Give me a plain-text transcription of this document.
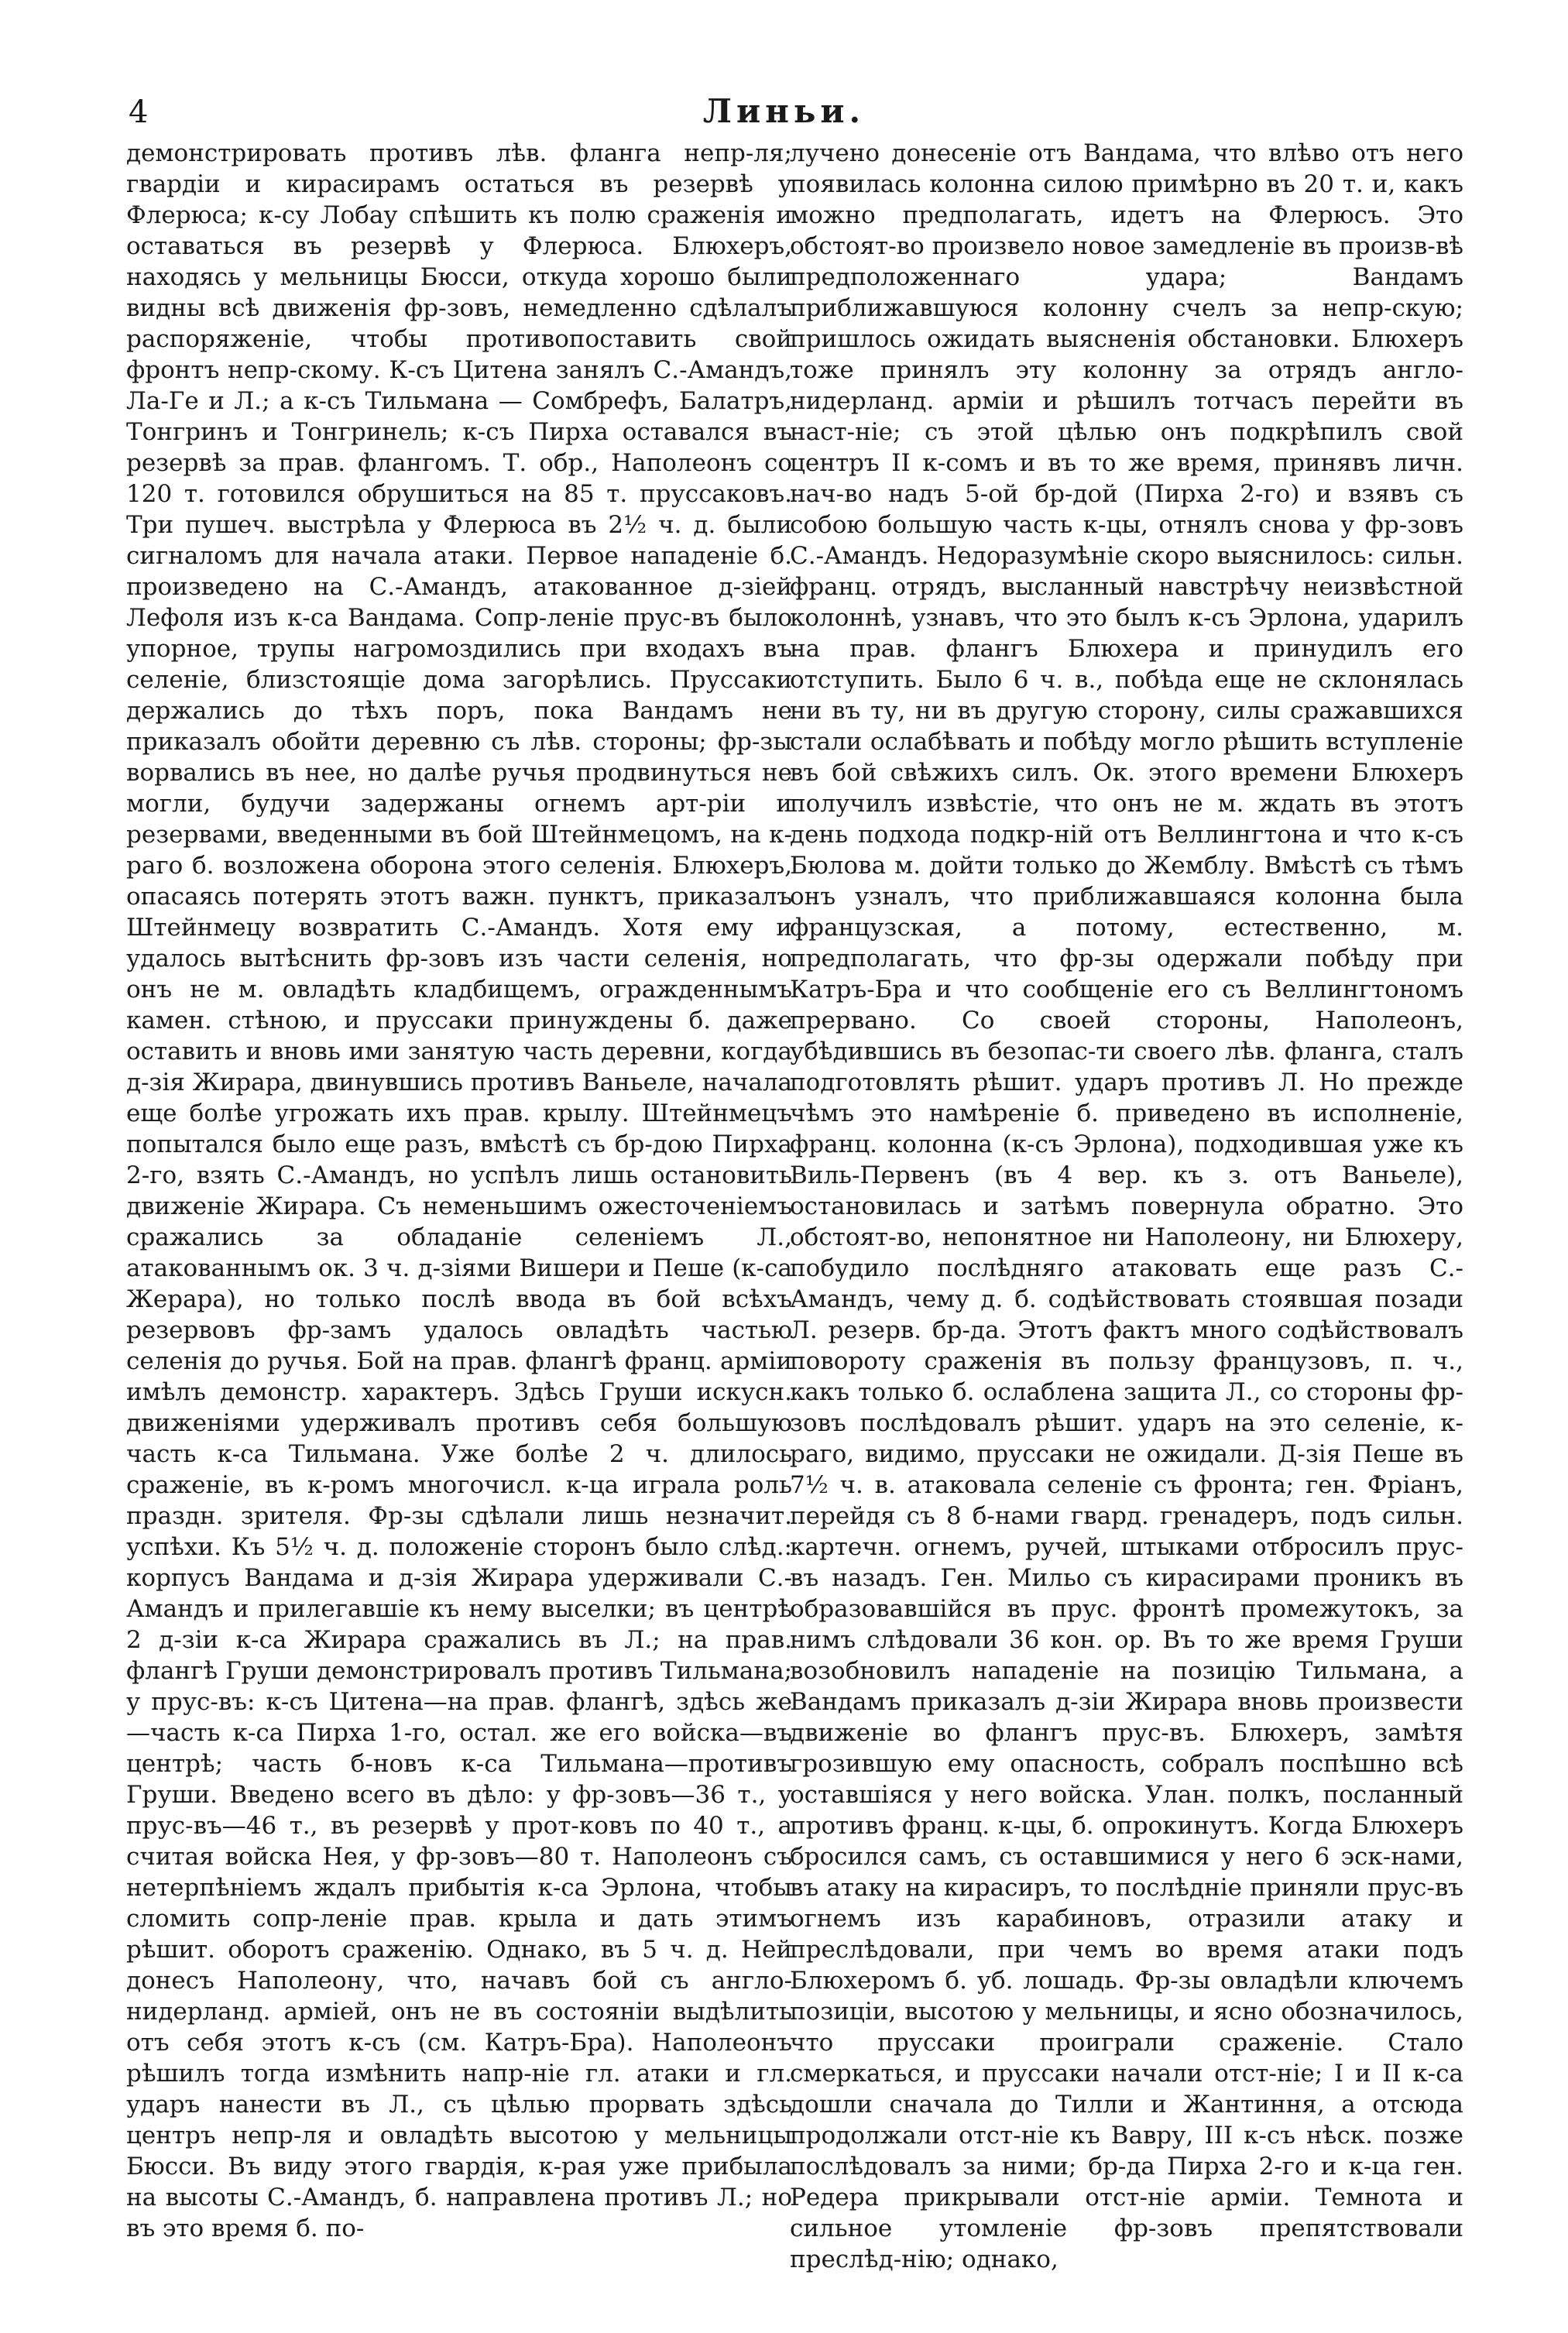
4	Линьи.

демонстрировать противъ лѣв. фланга непр-ля; гвардіи и кирасирамъ остаться въ резервѣ у Флерюса; к-су Лобау спѣшить къ полю сраженія и оставаться въ резервѣ у Флерюса. Блюхеръ, находясь у мельницы Бюсси, откуда хорошо были видны всѣ движенія фр-зовъ, немедленно сдѣлалъ распоряженіе, чтобы противопоставить свой фронтъ непр-скому. К-съ Цитена занялъ С.-Амандъ, Ла-Ге и Л.; а к-съ Тильмана — Сомбрефъ, Балатръ, Тонгринъ и Тонгринель; к-съ Пирха оставался въ резервѣ за прав. флангомъ. Т. обр., Наполеонъ со 120 т. готовился обрушиться на 85 т. пруссаковъ. Три пушеч. выстрѣла у Флерюса въ 2½ ч. д. были сигналомъ для начала атаки. Первое нападеніе б. произведено на С.-Амандъ, атакованное д-зіей Лефоля изъ к-са Вандама. Сопр-леніе прус-въ было упорное, трупы нагромоздились при входахъ въ селеніе, близстоящіе дома загорѣлись. Пруссаки держались до тѣхъ поръ, пока Вандамъ не приказалъ обойти деревню съ лѣв. стороны; фр-зы ворвались въ нее, но далѣе ручья продвинуться не могли, будучи задержаны огнемъ арт-ріи и резервами, введенными въ бой Штейнмецомъ, на к-раго б. возложена оборона этого селенія. Блюхеръ, опасаясь потерять этотъ важн. пунктъ, приказалъ Штейнмецу возвратить С.-Амандъ. Хотя ему и удалось вытѣснить фр-зовъ изъ части селенія, но онъ не м. овладѣть кладбищемъ, огражденнымъ камен. стѣною, и пруссаки принуждены б. даже оставить и вновь ими занятую часть деревни, когда д-зія Жирара, двинувшись противъ Ваньеле, начала еще болѣе угрожать ихъ прав. крылу. Штейнмецъ попытался было еще разъ, вмѣстѣ съ бр-дою Пирха 2-го, взять С.-Амандъ, но успѣлъ лишь остановить движеніе Жирара. Съ неменьшимъ ожесточеніемъ сражались за обладаніе селеніемъ Л., атакованнымъ ок. 3 ч. д-зіями Вишери и Пеше (к-са Жерара), но только послѣ ввода въ бой всѣхъ резервовъ фр-замъ удалось овладѣть частью селенія до ручья. Бой на прав. флангѣ франц. арміи имѣлъ демонстр. характеръ. Здѣсь Груши искусн. движеніями удерживалъ противъ себя большую часть к-са Тильмана. Уже болѣе 2 ч. длилось сраженіе, въ к-ромъ многочисл. к-ца играла роль праздн. зрителя. Фр-зы сдѣлали лишь незначит. успѣхи. Къ 5½ ч. д. положеніе сторонъ было слѣд.: корпусъ Вандама и д-зія Жирара удерживали С.-Амандъ и прилегавшіе къ нему выселки; въ центрѣ 2 д-зіи к-са Жирара сражались въ Л.; на прав. флангѣ Груши демонстрировалъ противъ Тильмана; у прус-въ: к-съ Цитена—на прав. флангѣ, здѣсь же—часть к-са Пирха 1-го, остал. же его войска—въ центрѣ; часть б-новъ к-са Тильмана—противъ Груши. Введено всего въ дѣло: у фр-зовъ—36 т., у прус-въ—46 т., въ резервѣ у прот-ковъ по 40 т., а считая войска Нея, у фр-зовъ—80 т. Наполеонъ съ нетерпѣніемъ ждалъ прибытія к-са Эрлона, чтобы сломить сопр-леніе прав. крыла и дать этимъ рѣшит. оборотъ сраженію. Однако, въ 5 ч. д. Ней донесъ Наполеону, что, начавъ бой съ англо-нидерланд. арміей, онъ не въ состояніи выдѣлить отъ себя этотъ к-съ (см. Катръ-Бра). Наполеонъ рѣшилъ тогда измѣнить напр-ніе гл. атаки и гл. ударъ нанести въ Л., съ цѣлью прорвать здѣсь центръ непр-ля и овладѣть высотою у мельницы Бюсси. Въ виду этого гвардія, к-рая уже прибыла на высоты С.-Амандъ, б. направлена противъ Л.; но въ это время б. по-

лучено донесеніе отъ Вандама, что влѣво отъ него появилась колонна силою примѣрно въ 20 т. и, какъ можно предполагать, идетъ на Флерюсъ. Это обстоят-во произвело новое замедленіе въ произв-вѣ предположеннаго удара; Вандамъ приближавшуюся колонну счелъ за непр-скую; пришлось ожидать выясненія обстановки. Блюхеръ тоже принялъ эту колонну за отрядъ англо-нидерланд. арміи и рѣшилъ тотчасъ перейти въ наст-ніе; съ этой цѣлью онъ подкрѣпилъ свой центръ II к-сомъ и въ то же время, принявъ личн. нач-во надъ 5-ой бр-дой (Пирха 2-го) и взявъ съ собою большую часть к-цы, отнялъ снова у фр-зовъ С.-Амандъ. Недоразумѣніе скоро выяснилось: сильн. франц. отрядъ, высланный навстрѣчу неизвѣстной колоннѣ, узнавъ, что это былъ к-съ Эрлона, ударилъ на прав. флангъ Блюхера и принудилъ его отступить. Было 6 ч. в., побѣда еще не склонялась ни въ ту, ни въ другую сторону, силы сражавшихся стали ослабѣвать и побѣду могло рѣшить вступленіе въ бой свѣжихъ силъ. Ок. этого времени Блюхеръ получилъ извѣстіе, что онъ не м. ждать въ этотъ день подхода подкр-ній отъ Веллингтона и что к-съ Бюлова м. дойти только до Жемблу. Вмѣстѣ съ тѣмъ онъ узналъ, что приближавшаяся колонна была французская, а потому, естественно, м. предполагать, что фр-зы одержали побѣду при Катръ-Бра и что сообщеніе его съ Веллингтономъ прервано. Со своей стороны, Наполеонъ, убѣдившись въ безопас-ти своего лѣв. фланга, сталъ подготовлять рѣшит. ударъ противъ Л. Но прежде чѣмъ это намѣреніе б. приведено въ исполненіе, франц. колонна (к-съ Эрлона), подходившая уже къ Виль-Первенъ (въ 4 вер. къ з. отъ Ваньеле), остановилась и затѣмъ повернула обратно. Это обстоят-во, непонятное ни Наполеону, ни Блюхеру, побудило послѣдняго атаковать еще разъ С.-Амандъ, чему д. б. содѣйствовать стоявшая позади Л. резерв. бр-да. Этотъ фактъ много содѣйствовалъ повороту сраженія въ пользу французовъ, п. ч., какъ только б. ослаблена защита Л., со стороны фр-зовъ послѣдовалъ рѣшит. ударъ на это селеніе, к-раго, видимо, пруссаки не ожидали. Д-зія Пеше въ 7½ ч. в. атаковала селеніе съ фронта; ген. Фріанъ, перейдя съ 8 б-нами гвард. гренадеръ, подъ сильн. картечн. огнемъ, ручей, штыками отбросилъ прус-въ назадъ. Ген. Мильо съ кирасирами проникъ въ образовавшійся въ прус. фронтѣ промежутокъ, за нимъ слѣдовали 36 кон. ор. Въ то же время Груши возобновилъ нападеніе на позицію Тильмана, а Вандамъ приказалъ д-зіи Жирара вновь произвести движеніе во флангъ прус-въ. Блюхеръ, замѣтя грозившую ему опасность, собралъ поспѣшно всѣ оставшіяся у него войска. Улан. полкъ, посланный противъ франц. к-цы, б. опрокинутъ. Когда Блюхеръ бросился самъ, съ оставшимися у него 6 эск-нами, въ атаку на кирасиръ, то послѣдніе приняли прус-въ огнемъ изъ карабиновъ, отразили атаку и преслѣдовали, при чемъ во время атаки подъ Блюхеромъ б. уб. лошадь. Фр-зы овладѣли ключемъ позиціи, высотою у мельницы, и ясно обозначилось, что пруссаки проиграли сраженіе. Стало смеркаться, и пруссаки начали отст-ніе; I и II к-са дошли сначала до Тилли и Жантиння, а отсюда продолжали отст-ніе къ Вавру, III к-съ нѣск. позже послѣдовалъ за ними; бр-да Пирха 2-го и к-ца ген. Редера прикрывали отст-ніе арміи. Темнота и сильное утомленіе фр-зовъ препятствовали преслѣд-нію; однако,
